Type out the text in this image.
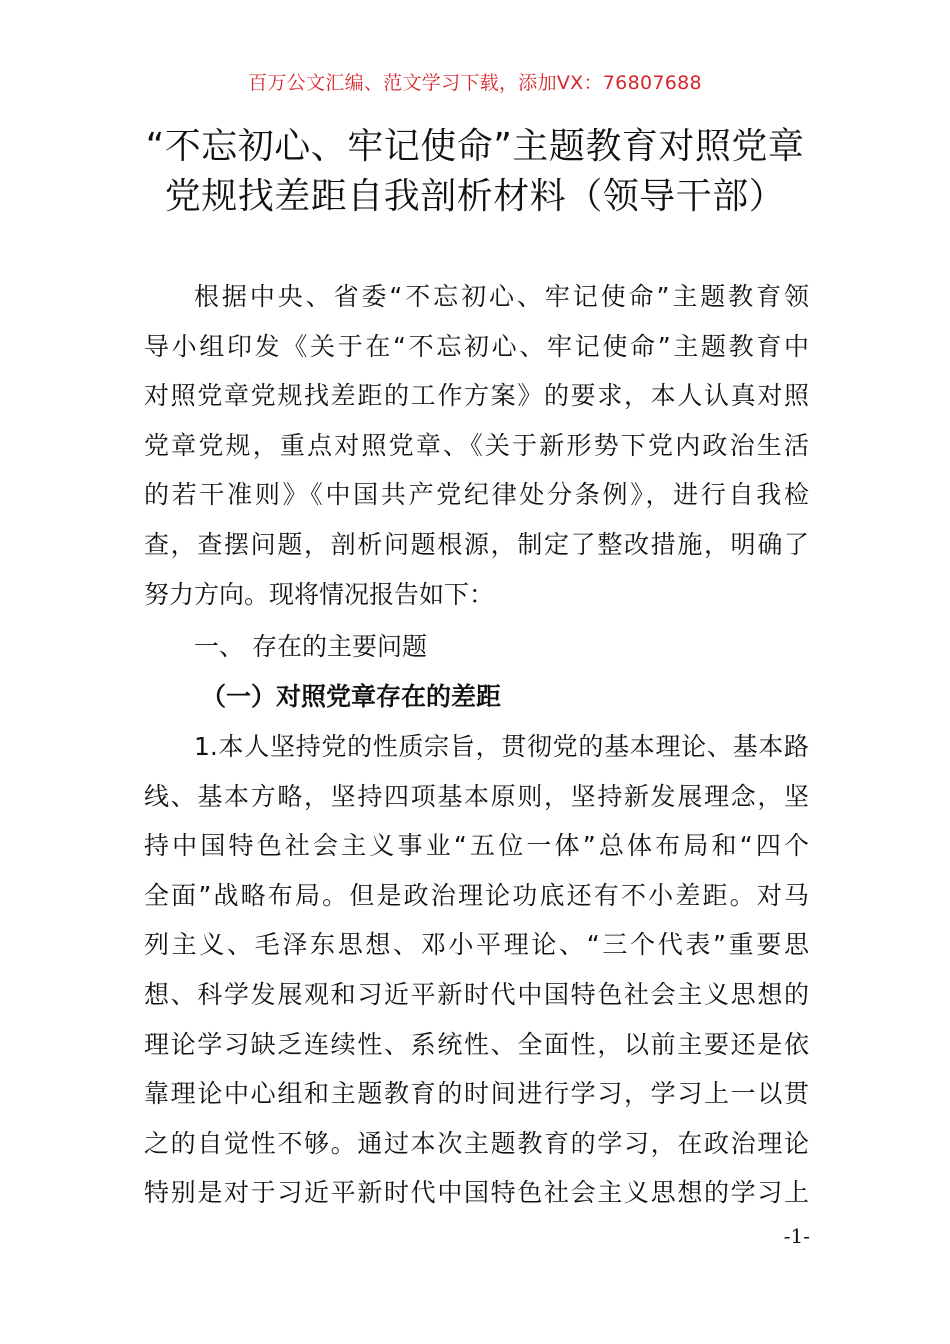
百万公文汇编、范文学习下载，添加VX：76807688
“不忘初心、牢记使命”主题教育对照党章
党规找差距自我剖析材料（领导干部）
根据中央、省委“不忘初心、牢记使命”主题教育领
导小组印发《关于在“不忘初心、牢记使命”主题教育中
对照党章党规找差距的工作方案》的要求，本人认真对照
党章党规，重点对照党章、《关于新形势下党内政治生活
的若干准则》《中国共产党纪律处分条例》，进行自我检
查，查摆问题，剖析问题根源，制定了整改措施，明确了
努力方向。现将情况报告如下：
一、 存在的主要问题
（一）对照党章存在的差距
1.本人坚持党的性质宗旨，贯彻党的基本理论、基本路
线、基本方略，坚持四项基本原则，坚持新发展理念，坚
持中国特色社会主义事业“五位一体”总体布局和“四个
全面”战略布局。但是政治理论功底还有不小差距。对马
列主义、毛泽东思想、邓小平理论、“三个代表”重要思
想、科学发展观和习近平新时代中国特色社会主义思想的
理论学习缺乏连续性、系统性、全面性，以前主要还是依
靠理论中心组和主题教育的时间进行学习，学习上一以贯
之的自觉性不够。通过本次主题教育的学习，在政治理论
特别是对于习近平新时代中国特色社会主义思想的学习上
-1-
